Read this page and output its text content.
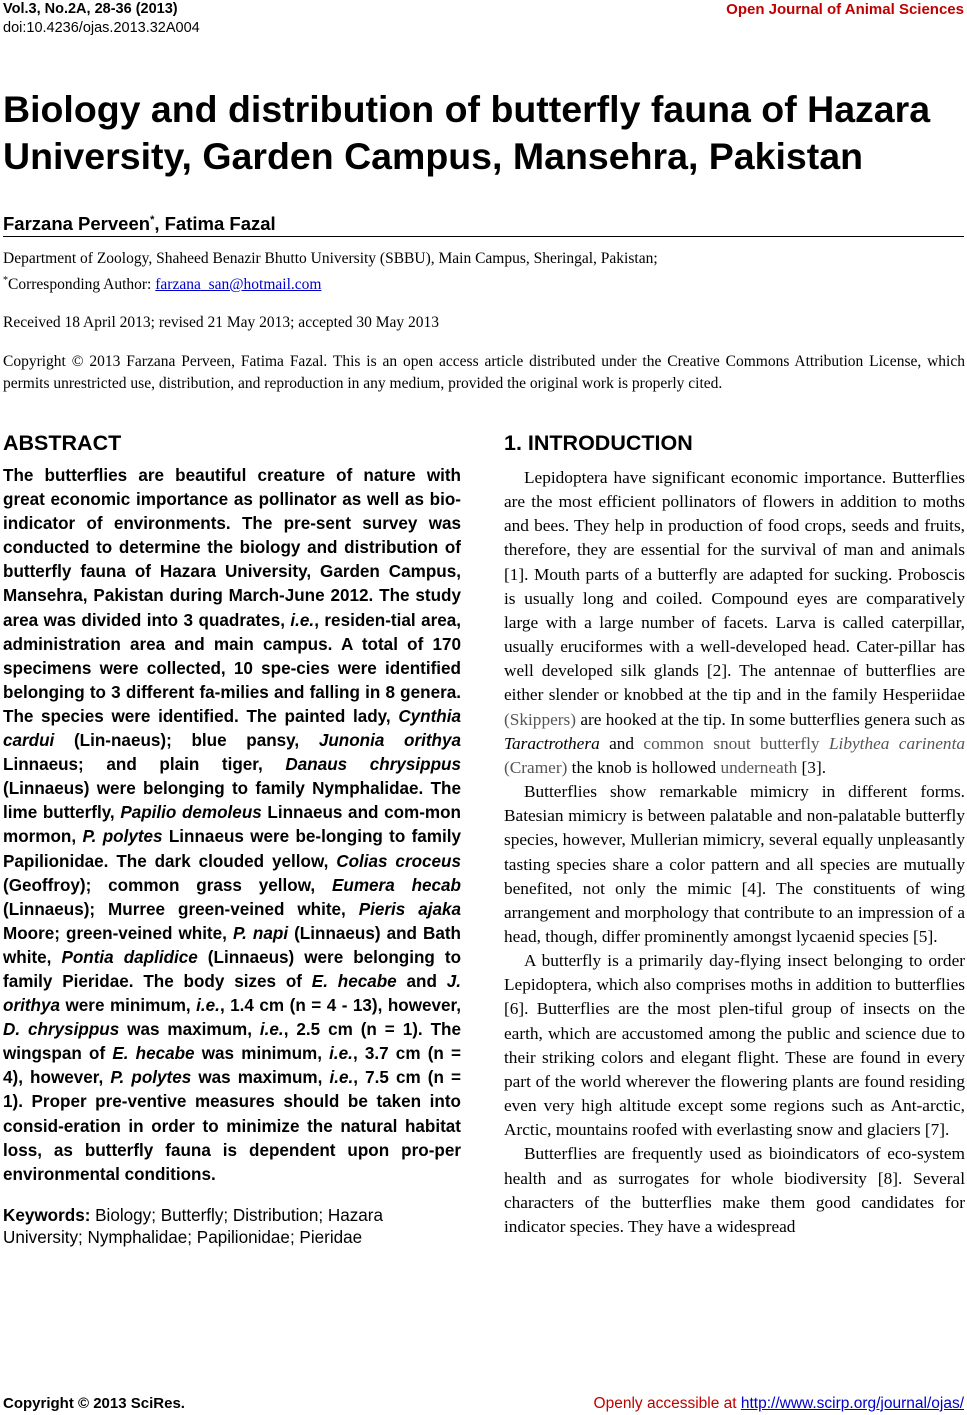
Vol.3, No.2A, 28-36 (2013)
doi:10.4236/ojas.2013.32A004
Open Journal of Animal Sciences
Biology and distribution of butterfly fauna of Hazara University, Garden Campus, Mansehra, Pakistan
Farzana Perveen*, Fatima Fazal
Department of Zoology, Shaheed Benazir Bhutto University (SBBU), Main Campus, Sheringal, Pakistan;
*Corresponding Author: farzana_san@hotmail.com
Received 18 April 2013; revised 21 May 2013; accepted 30 May 2013
Copyright © 2013 Farzana Perveen, Fatima Fazal. This is an open access article distributed under the Creative Commons Attribution License, which permits unrestricted use, distribution, and reproduction in any medium, provided the original work is properly cited.
ABSTRACT

The butterflies are beautiful creature of nature with great economic importance as pollinator as well as bio-indicator of environments. The pre-sent survey was conducted to determine the biology and distribution of butterfly fauna of Hazara University, Garden Campus, Mansehra, Pakistan during March-June 2012. The study area was divided into 3 quadrates, i.e., residen-tial area, administration area and main campus. A total of 170 specimens were collected, 10 spe-cies were identified belonging to 3 different fa-milies and falling in 8 genera. The species were identified. The painted lady, Cynthia cardui (Lin-naeus); blue pansy, Junonia orithya Linnaeus; and plain tiger, Danaus chrysippus (Linnaeus) were belonging to family Nymphalidae. The lime butterfly, Papilio demoleus Linnaeus and com-mon mormon, P. polytes Linnaeus were be-longing to family Papilionidae. The dark clouded yellow, Colias croceus (Geoffroy); common grass yellow, Eumera hecab (Linnaeus); Murree green-veined white, Pieris ajaka Moore; green-veined white, P. napi (Linnaeus) and Bath white, Pontia daplidice (Linnaeus) were belonging to family Pieridae. The body sizes of E. hecabe and J. orithya were minimum, i.e., 1.4 cm (n = 4 - 13), however, D. chrysippus was maximum, i.e., 2.5 cm (n = 1). The wingspan of E. hecabe was minimum, i.e., 3.7 cm (n = 4), however, P. polytes was maximum, i.e., 7.5 cm (n = 1). Proper pre-ventive measures should be taken into consid-eration in order to minimize the natural habitat loss, as butterfly fauna is dependent upon pro-per environmental conditions.

Keywords: Biology; Butterfly; Distribution; Hazara University; Nymphalidae; Papilionidae; Pieridae

1. INTRODUCTION

Lepidoptera have significant economic importance. Butterflies are the most efficient pollinators of flowers in addition to moths and bees. They help in production of food crops, seeds and fruits, therefore, they are essential for the survival of man and animals [1]. Mouth parts of a butterfly are adapted for sucking. Proboscis is usually long and coiled. Compound eyes are comparatively large with a large number of facets. Larva is called caterpillar, usually eruciformes with a well-developed head. Cater-pillar has well developed silk glands [2]. The antennae of butterflies are either slender or knobbed at the tip and in the family Hesperiidae (Skippers) are hooked at the tip. In some butterflies genera such as Taractrothera and common snout butterfly Libythea carinenta (Cramer) the knob is hollowed underneath [3].

Butterflies show remarkable mimicry in different forms. Batesian mimicry is between palatable and non-palatable butterfly species, however, Mullerian mimicry, several equally unpleasantly tasting species share a color pattern and all species are mutually benefited, not only the mimic [4]. The constituents of wing arrangement and morphology that contribute to an impression of a head, though, differ prominently amongst lycaenid species [5].

A butterfly is a primarily day-flying insect belonging to order Lepidoptera, which also comprises moths in addition to butterflies [6]. Butterflies are the most plen-tiful group of insects on the earth, which are accustomed among the public and science due to their striking colors and elegant flight. These are found in every part of the world wherever the flowering plants are found residing even very high altitude except some regions such as Ant-arctic, Arctic, mountains roofed with everlasting snow and glaciers [7].

Butterflies are frequently used as bioindicators of eco-system health and as surrogates for whole biodiversity [8]. Several characters of the butterflies make them good candidates for indicator species. They have a widespread

Copyright © 2013 SciRes.	Openly accessible at http://www.scirp.org/journal/ojas/
